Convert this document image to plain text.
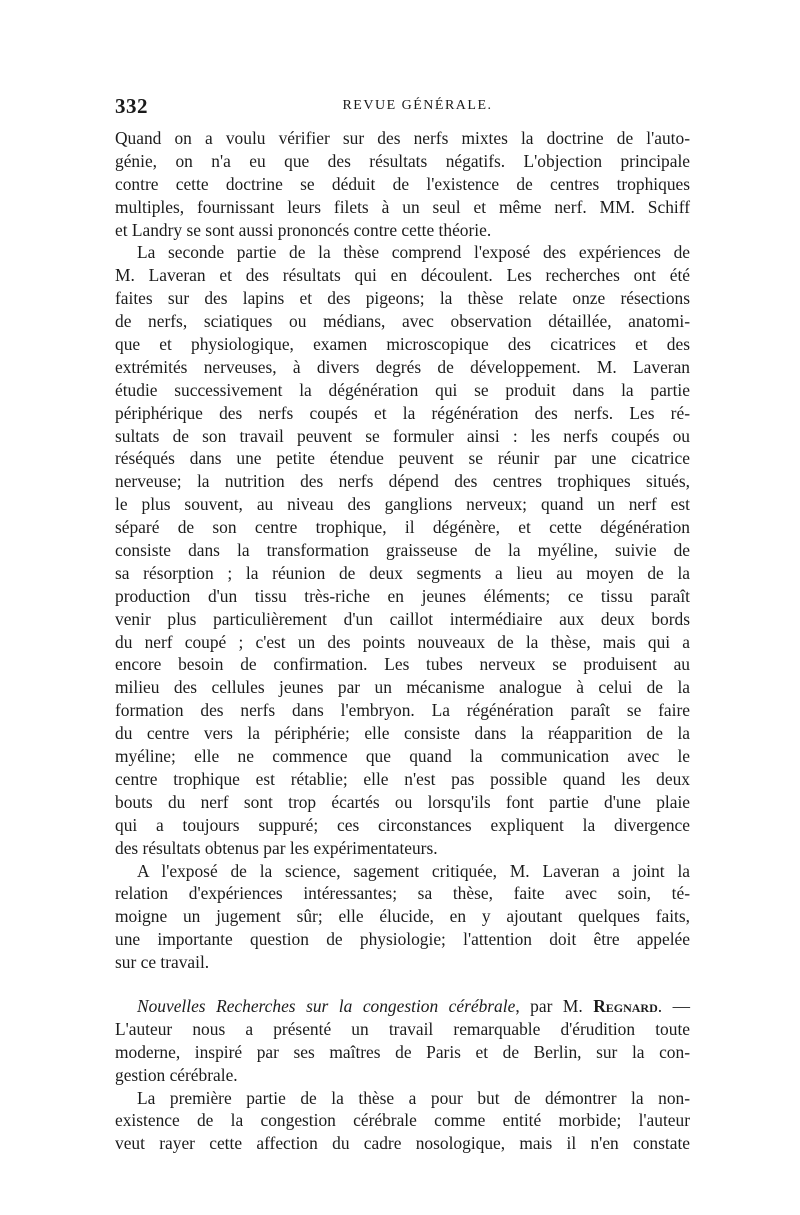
332	REVUE GÉNÉRALE.
Quand on a voulu vérifier sur des nerfs mixtes la doctrine de l'auto-
génie, on n'a eu que des résultats négatifs. L'objection principale
contre cette doctrine se déduit de l'existence de centres trophiques
multiples, fournissant leurs filets à un seul et même nerf. MM. Schiff
et Landry se sont aussi prononcés contre cette théorie.
La seconde partie de la thèse comprend l'exposé des expériences de
M. Laveran et des résultats qui en découlent. Les recherches ont été
faites sur des lapins et des pigeons; la thèse relate onze résections
de nerfs, sciatiques ou médians, avec observation détaillée, anatomi-
que et physiologique, examen microscopique des cicatrices et des
extrémités nerveuses, à divers degrés de développement. M. Laveran
étudie successivement la dégénération qui se produit dans la partie
périphérique des nerfs coupés et la régénération des nerfs. Les ré-
sultats de son travail peuvent se formuler ainsi : les nerfs coupés ou
réséqués dans une petite étendue peuvent se réunir par une cicatrice
nerveuse; la nutrition des nerfs dépend des centres trophiques situés,
le plus souvent, au niveau des ganglions nerveux; quand un nerf est
séparé de son centre trophique, il dégénère, et cette dégénération
consiste dans la transformation graisseuse de la myéline, suivie de
sa résorption ; la réunion de deux segments a lieu au moyen de la
production d'un tissu très-riche en jeunes éléments; ce tissu paraît
venir plus particulièrement d'un caillot intermédiaire aux deux bords
du nerf coupé ; c'est un des points nouveaux de la thèse, mais qui a
encore besoin de confirmation. Les tubes nerveux se produisent au
milieu des cellules jeunes par un mécanisme analogue à celui de la
formation des nerfs dans l'embryon. La régénération paraît se faire
du centre vers la périphérie; elle consiste dans la réapparition de la
myéline; elle ne commence que quand la communication avec le
centre trophique est rétablie; elle n'est pas possible quand les deux
bouts du nerf sont trop écartés ou lorsqu'ils font partie d'une plaie
qui a toujours suppuré; ces circonstances expliquent la divergence
des résultats obtenus par les expérimentateurs.
A l'exposé de la science, sagement critiquée, M. Laveran a joint la
relation d'expériences intéressantes; sa thèse, faite avec soin, té-
moigne un jugement sûr; elle élucide, en y ajoutant quelques faits,
une importante question de physiologie; l'attention doit être appelée
sur ce travail.
Nouvelles Recherches sur la congestion cérébrale, par M. Regnard. —
L'auteur nous a présenté un travail remarquable d'érudition toute
moderne, inspiré par ses maîtres de Paris et de Berlin, sur la con-
gestion cérébrale.
La première partie de la thèse a pour but de démontrer la non-
existence de la congestion cérébrale comme entité morbide; l'auteur
veut rayer cette affection du cadre nosologique, mais il n'en constate
